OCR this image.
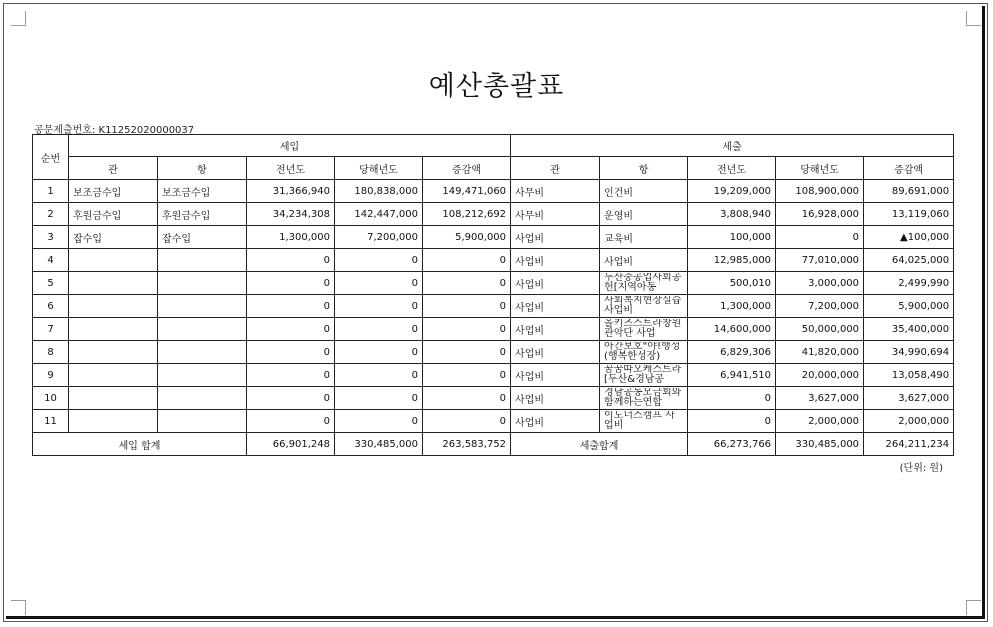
예산총괄표
공문제출번호: K11252020000037
순번	세입					세출				
	관	항	전년도	당해년도	증감액	관	항	전년도	당해년도	증감액
1	보조금수입	보조금수입	31,366,940	180,838,000	149,471,060	사무비	인건비	19,209,000	108,900,000	89,691,000
2	후원금수입	후원금수입	34,234,308	142,447,000	108,212,692	사무비	운영비	3,808,940	16,928,000	13,119,060
3	잡수입	잡수입	1,300,000	7,200,000	5,900,000	사업비	교육비	100,000	0	▲100,000
4			0	0	0	사업비	사업비	12,985,000	77,010,000	64,025,000
5			0	0	0	사업비	두산중공업사회공헌[지역아동	500,010	3,000,000	2,499,990
6			0	0	0	사업비	사회복지현장실습 사업비	1,300,000	7,200,000	5,900,000
7			0	0	0	사업비	올키즈스트라창원관악단 사업	14,600,000	50,000,000	35,400,000
8			0	0	0	사업비	아간보호"야!행성(행복한성장)	6,829,306	41,820,000	34,990,694
9			0	0	0	사업비	꿈꿈따오케스트라[두산&경남공	6,941,510	20,000,000	13,058,490
10			0	0	0	사업비	경남공동모금회와함께하는연합	0	3,627,000	3,627,000
11			0	0	0	사업비	이도너스캠프 사업비	0	2,000,000	2,000,000
세입 합계			66,901,248	330,485,000	263,583,752	세출합계		66,273,766	330,485,000	264,211,234
(단위: 원)
